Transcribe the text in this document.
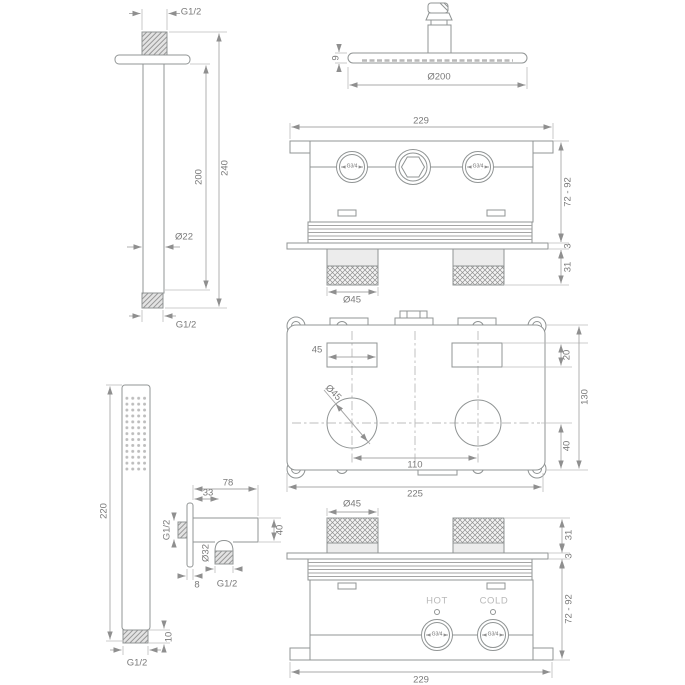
G1/2
240
200
Ø22
G1/2
9
Ø200
229
G3/4	G3/4
72 - 92
3
31
Ø45
45	20
130
Ø45
110
40
225
220
10
G1/2
78
33
G1/2
Ø32
40
8 G1/2
Ø45
31
3
72 - 92
HOT	COLD
G3/4	G3/4
229
